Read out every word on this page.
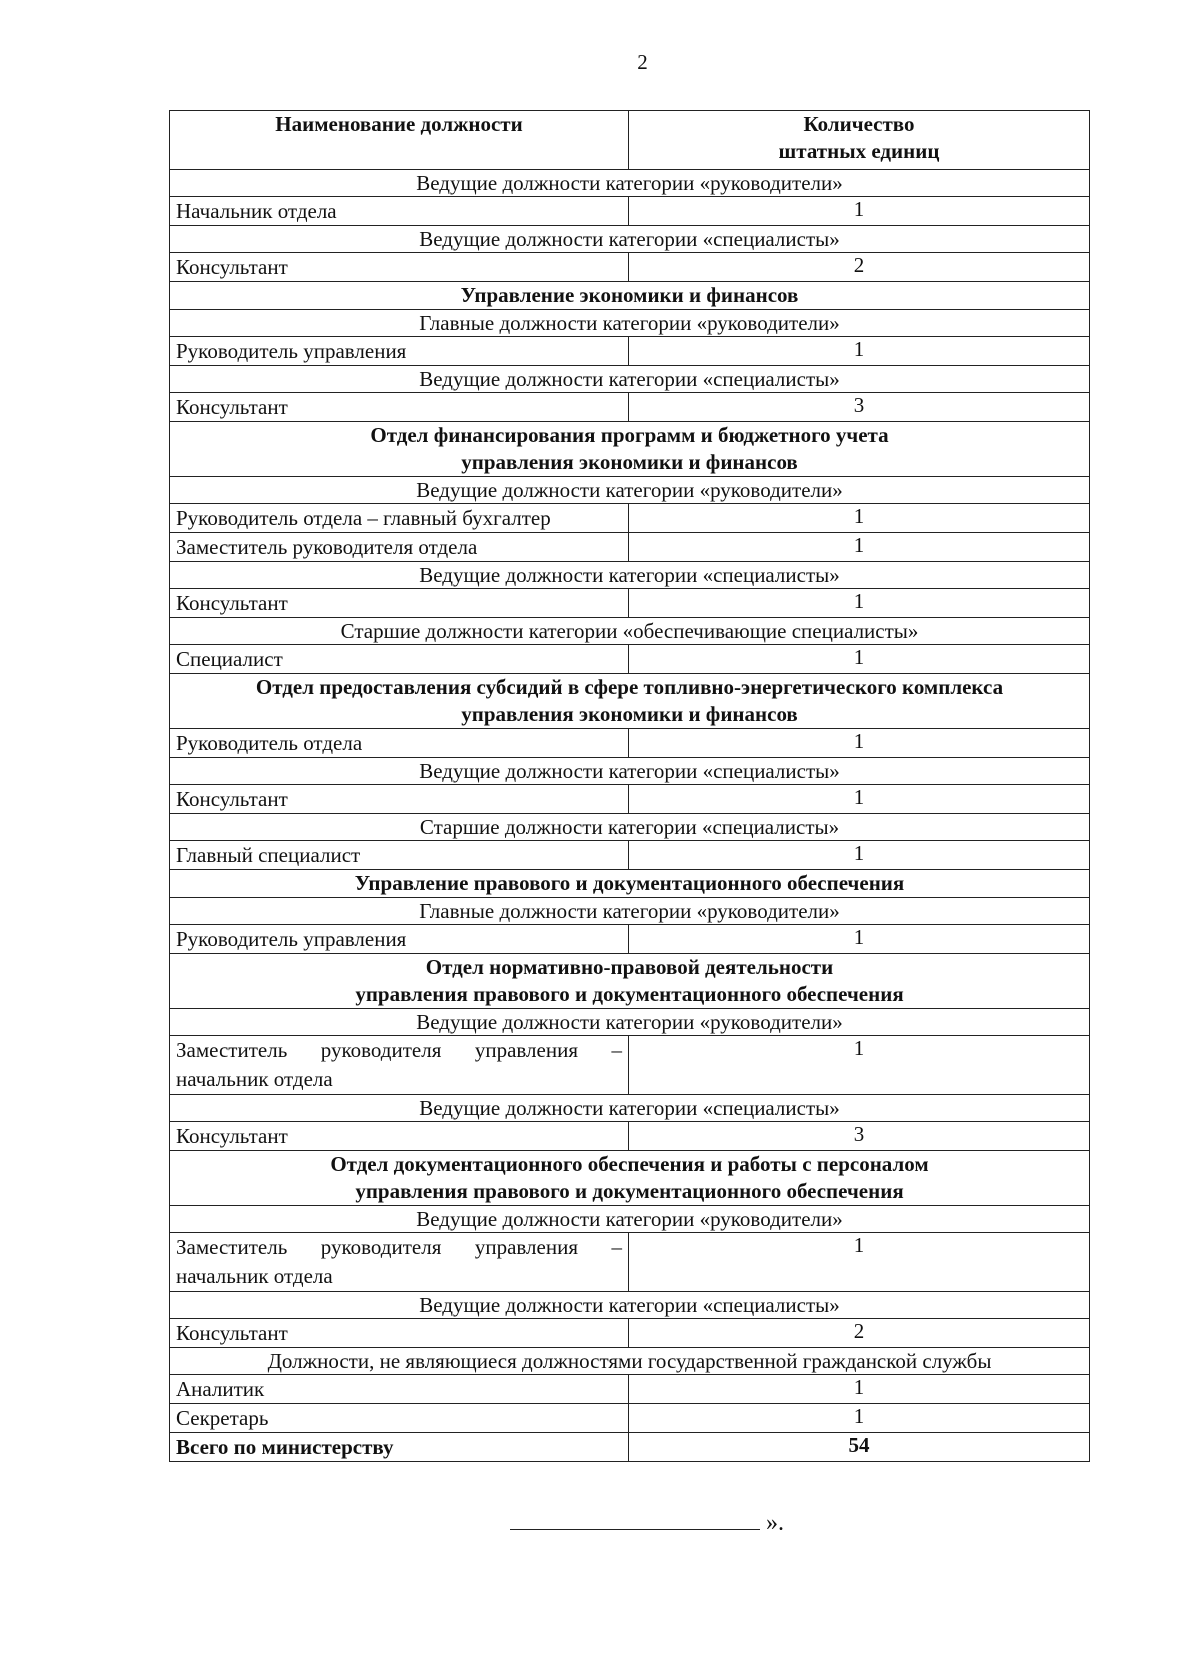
2
Наименование должности	Количество
штатных единиц
Ведущие должности категории «руководители»	
Начальник отдела	1
Ведущие должности категории «специалисты»	
Консультант	2
Управление экономики и финансов	
Главные должности категории «руководители»	
Руководитель управления	1
Ведущие должности категории «специалисты»	
Консультант	3
Отдел финансирования программ и бюджетного учета
управления экономики и финансов	
Ведущие должности категории «руководители»	
Руководитель отдела – главный бухгалтер	1
Заместитель руководителя отдела	1
Ведущие должности категории «специалисты»	
Консультант	1
Старшие должности категории «обеспечивающие специалисты»	
Специалист	1
Отдел предоставления субсидий в сфере топливно-энергетического комплекса
управления экономики и финансов	
Руководитель отдела	1
Ведущие должности категории «специалисты»	
Консультант	1
Старшие должности категории «специалисты»	
Главный специалист	1
Управление правового и документационного обеспечения	
Главные должности категории «руководители»	
Руководитель управления	1
Отдел нормативно-правовой деятельности
управления правового и документационного обеспечения	
Ведущие должности категории «руководители»	
Заместитель руководителя управления – начальник отдела	1
Ведущие должности категории «специалисты»	
Консультант	3
Отдел документационного обеспечения и работы с персоналом
управления правового и документационного обеспечения	
Ведущие должности категории «руководители»	
Заместитель руководителя управления – начальник отдела	1
Ведущие должности категории «специалисты»	
Консультант	2
Должности, не являющиеся должностями государственной гражданской службы	
Аналитик	1
Секретарь	1
Всего по министерству	54
».
